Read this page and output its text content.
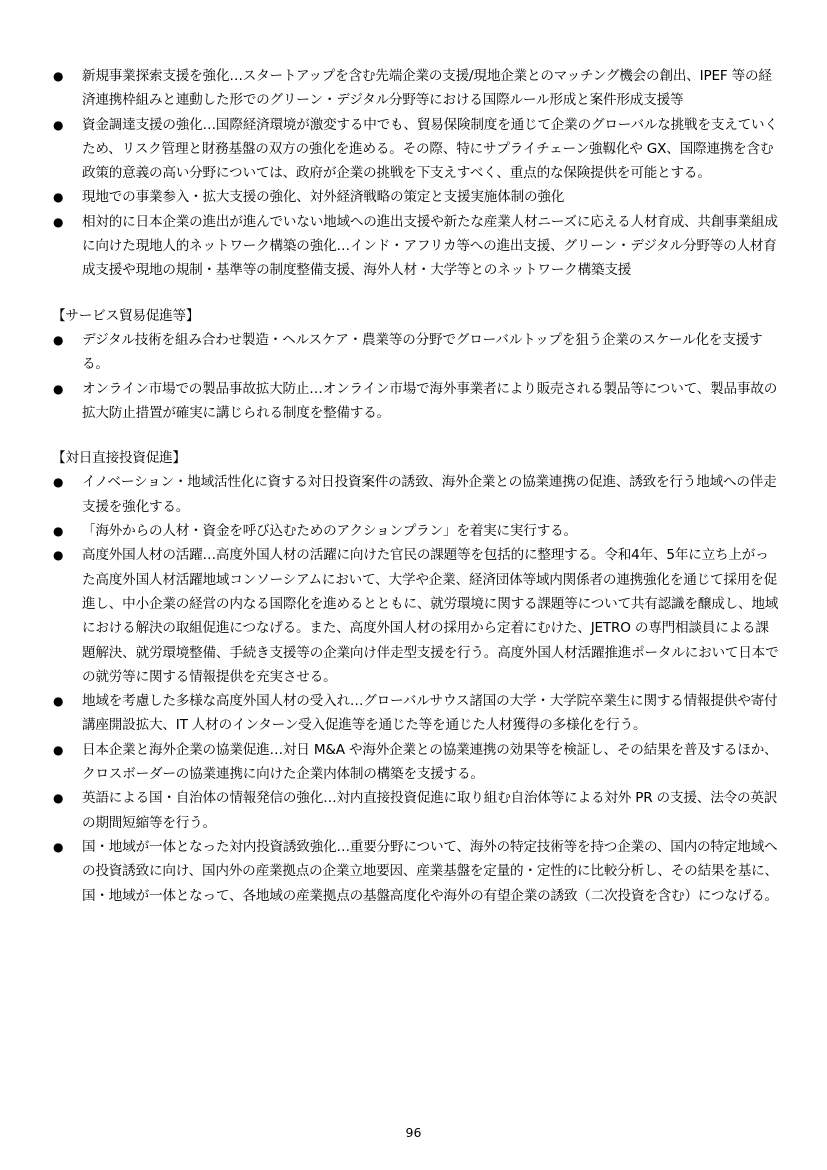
● 新規事業探索支援を強化…スタートアップを含む先端企業の支援/現地企業とのマッチング機会の創出、IPEF 等の経済連携枠組みと連動した形でのグリーン・デジタル分野等における国際ルール形成と案件形成支援等

● 資金調達支援の強化…国際経済環境が激変する中でも、貿易保険制度を通じて企業のグローバルな挑戦を支えていくため、リスク管理と財務基盤の双方の強化を進める。その際、特にサプライチェーン強靱化や GX、国際連携を含む政策的意義の高い分野については、政府が企業の挑戦を下支えすべく、重点的な保険提供を可能とする。

● 現地での事業参入・拡大支援の強化、対外経済戦略の策定と支援実施体制の強化

● 相対的に日本企業の進出が進んでいない地域への進出支援や新たな産業人材ニーズに応える人材育成、共創事業組成に向けた現地人的ネットワーク構築の強化…インド・アフリカ等への進出支援、グリーン・デジタル分野等の人材育成支援や現地の規制・基準等の制度整備支援、海外人材・大学等とのネットワーク構築支援

【サービス貿易促進等】

● デジタル技術を組み合わせ製造・ヘルスケア・農業等の分野でグローバルトップを狙う企業のスケール化を支援する。

● オンライン市場での製品事故拡大防止…オンライン市場で海外事業者により販売される製品等について、製品事故の拡大防止措置が確実に講じられる制度を整備する。

【対日直接投資促進】

● イノベーション・地域活性化に資する対日投資案件の誘致、海外企業との協業連携の促進、誘致を行う地域への伴走支援を強化する。

● 「海外からの人材・資金を呼び込むためのアクションプラン」を着実に実行する。

● 高度外国人材の活躍…高度外国人材の活躍に向けた官民の課題等を包括的に整理する。令和4年、5年に立ち上がった高度外国人材活躍地域コンソーシアムにおいて、大学や企業、経済団体等域内関係者の連携強化を通じて採用を促進し、中小企業の経営の内なる国際化を進めるとともに、就労環境に関する課題等について共有認識を醸成し、地域における解決の取組促進につなげる。また、高度外国人材の採用から定着にむけた、JETRO の専門相談員による課題解決、就労環境整備、手続き支援等の企業向け伴走型支援を行う。高度外国人材活躍推進ポータルにおいて日本での就労等に関する情報提供を充実させる。

● 地域を考慮した多様な高度外国人材の受入れ…グローバルサウス諸国の大学・大学院卒業生に関する情報提供や寄付講座開設拡大、IT 人材のインターン受入促進等を通じた等を通じた人材獲得の多様化を行う。

● 日本企業と海外企業の協業促進…対日 M&A や海外企業との協業連携の効果等を検証し、その結果を普及するほか、クロスボーダーの協業連携に向けた企業内体制の構築を支援する。

● 英語による国・自治体の情報発信の強化…対内直接投資促進に取り組む自治体等による対外 PR の支援、法令の英訳の期間短縮等を行う。

● 国・地域が一体となった対内投資誘致強化…重要分野について、海外の特定技術等を持つ企業の、国内の特定地域への投資誘致に向け、国内外の産業拠点の企業立地要因、産業基盤を定量的・定性的に比較分析し、その結果を基に、国・地域が一体となって、各地域の産業拠点の基盤高度化や海外の有望企業の誘致（二次投資を含む）につなげる。

96
